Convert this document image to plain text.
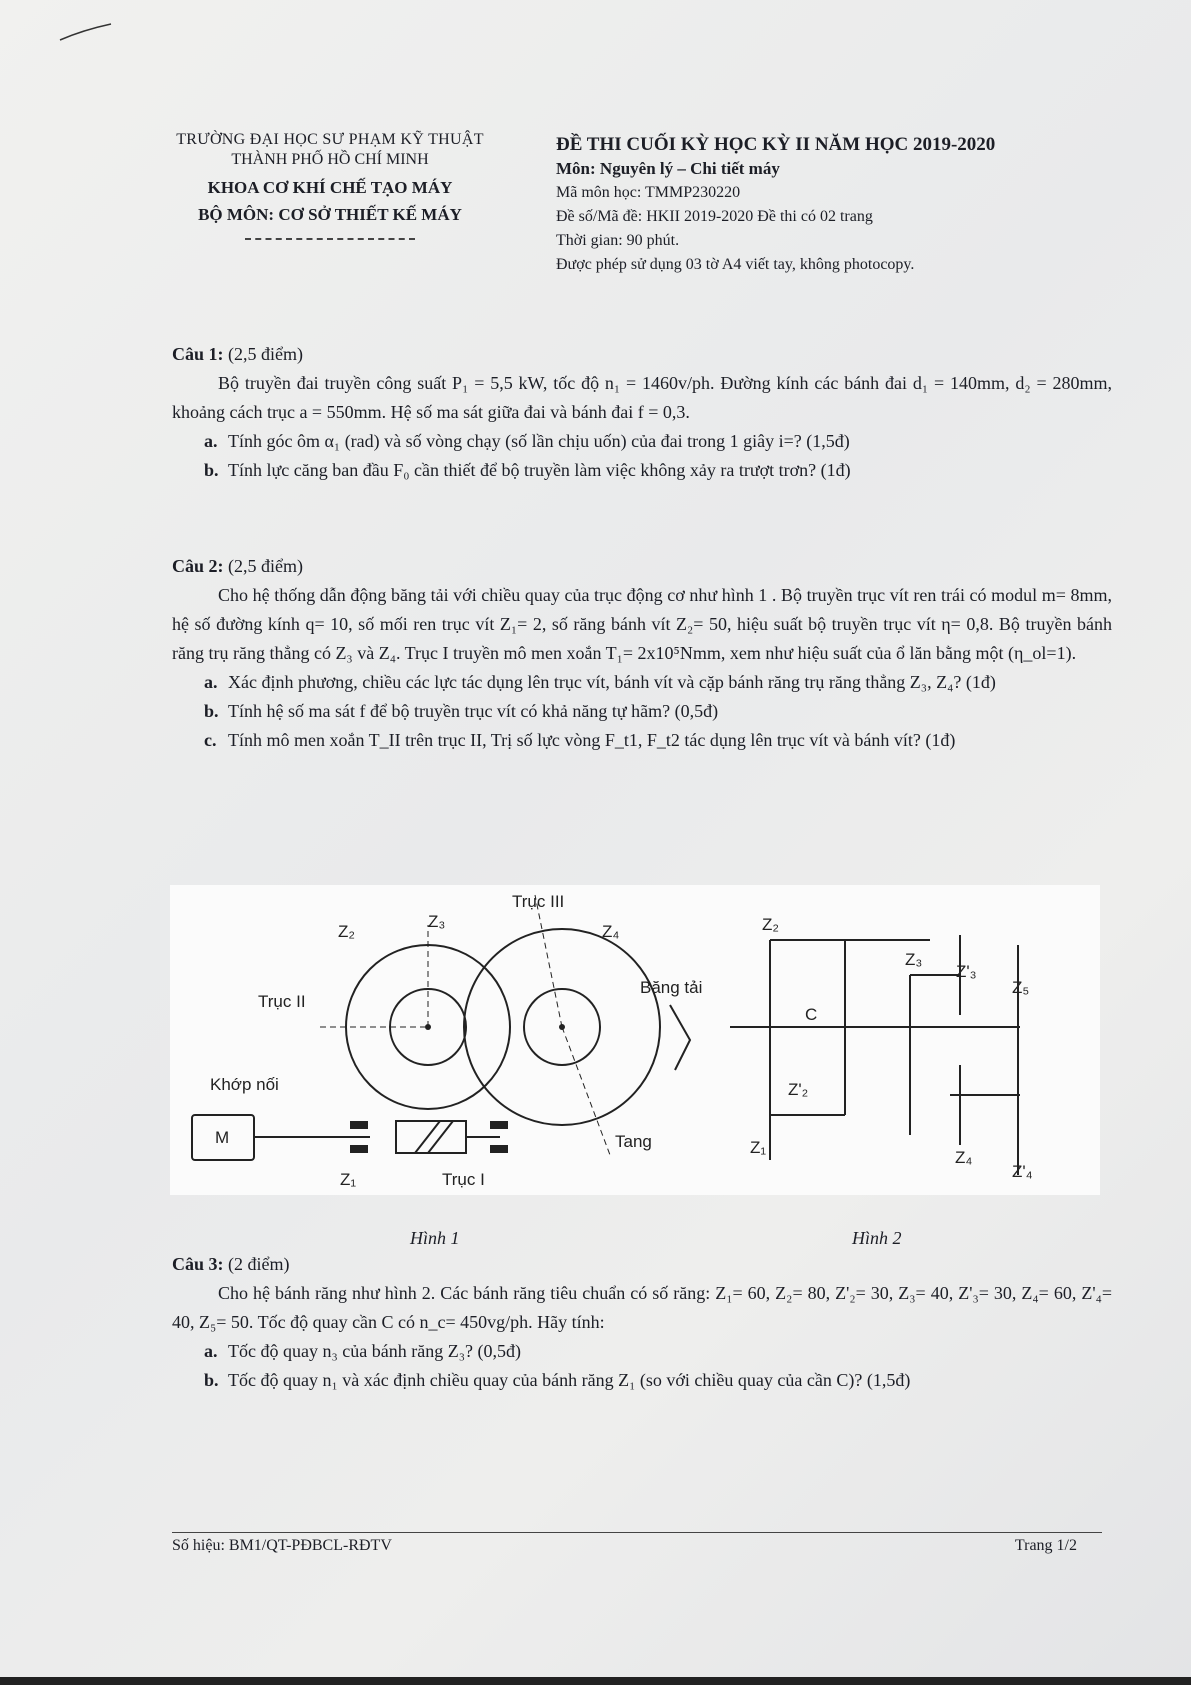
TRƯỜNG ĐẠI HỌC SƯ PHẠM KỸ THUẬT
THÀNH PHỐ HỒ CHÍ MINH
KHOA CƠ KHÍ CHẾ TẠO MÁY
BỘ MÔN: CƠ SỞ THIẾT KẾ MÁY
ĐỀ THI CUỐI KỲ HỌC KỲ II NĂM HỌC 2019-2020
Môn: Nguyên lý – Chi tiết máy
Mã môn học: TMMP230220
Đề số/Mã đề: HKII 2019-2020 Đề thi có 02 trang
Thời gian: 90 phút.
Được phép sử dụng 03 tờ A4 viết tay, không photocopy.

Câu 1: (2,5 điểm)

Bộ truyền đai truyền công suất P₁ = 5,5 kW, tốc độ n₁ = 1460v/ph. Đường kính các bánh đai d₁ = 140mm, d₂ = 280mm, khoảng cách trục a = 550mm. Hệ số ma sát giữa đai và bánh đai f = 0,3.

a. Tính góc ôm α₁ (rad) và số vòng chạy (số lần chịu uốn) của đai trong 1 giây i=? (1,5đ)

b. Tính lực căng ban đầu F₀ cần thiết để bộ truyền làm việc không xảy ra trượt trơn? (1đ)

Câu 2: (2,5 điểm)

Cho hệ thống dẫn động băng tải với chiều quay của trục động cơ như hình 1 . Bộ truyền trục vít ren trái có modul m= 8mm, hệ số đường kính q= 10, số mối ren trục vít Z₁= 2, số răng bánh vít Z₂= 50, hiệu suất bộ truyền trục vít η= 0,8. Bộ truyền bánh răng trụ răng thẳng có Z₃ và Z₄. Trục I truyền mô men xoắn T₁= 2x10⁵Nmm, xem như hiệu suất của ổ lăn bằng một (η_ol=1).

a. Xác định phương, chiều các lực tác dụng lên trục vít, bánh vít và cặp bánh răng trụ răng thẳng Z₃, Z₄? (1đ)

b. Tính hệ số ma sát f để bộ truyền trục vít có khả năng tự hãm? (0,5đ)

c. Tính mô men xoắn T_II trên trục II, Trị số lực vòng F_t1, F_t2 tác dụng lên trục vít và bánh vít? (1đ)

Z₂
Z₃
Trục III
Z₄
Trục II
Băng tải
Khớp nối
M	Tang
Z₁	Trục I
Z₂
Z₃
Z'₃
Z₅
C
Z'₂
Z₁
Z₄
Z'₄
Hình 1	Hình 2

Câu 3: (2 điểm)

Cho hệ bánh răng như hình 2. Các bánh răng tiêu chuẩn có số răng: Z₁= 60, Z₂= 80, Z'₂= 30, Z₃= 40, Z'₃= 30, Z₄= 60, Z'₄= 40, Z₅= 50. Tốc độ quay cần C có n_c= 450vg/ph. Hãy tính:

a. Tốc độ quay n₃ của bánh răng Z₃? (0,5đ)

b. Tốc độ quay n₁ và xác định chiều quay của bánh răng Z₁ (so với chiều quay của cần C)? (1,5đ)

Số hiệu: BM1/QT-PĐBCL-RĐTV	Trang 1/2
